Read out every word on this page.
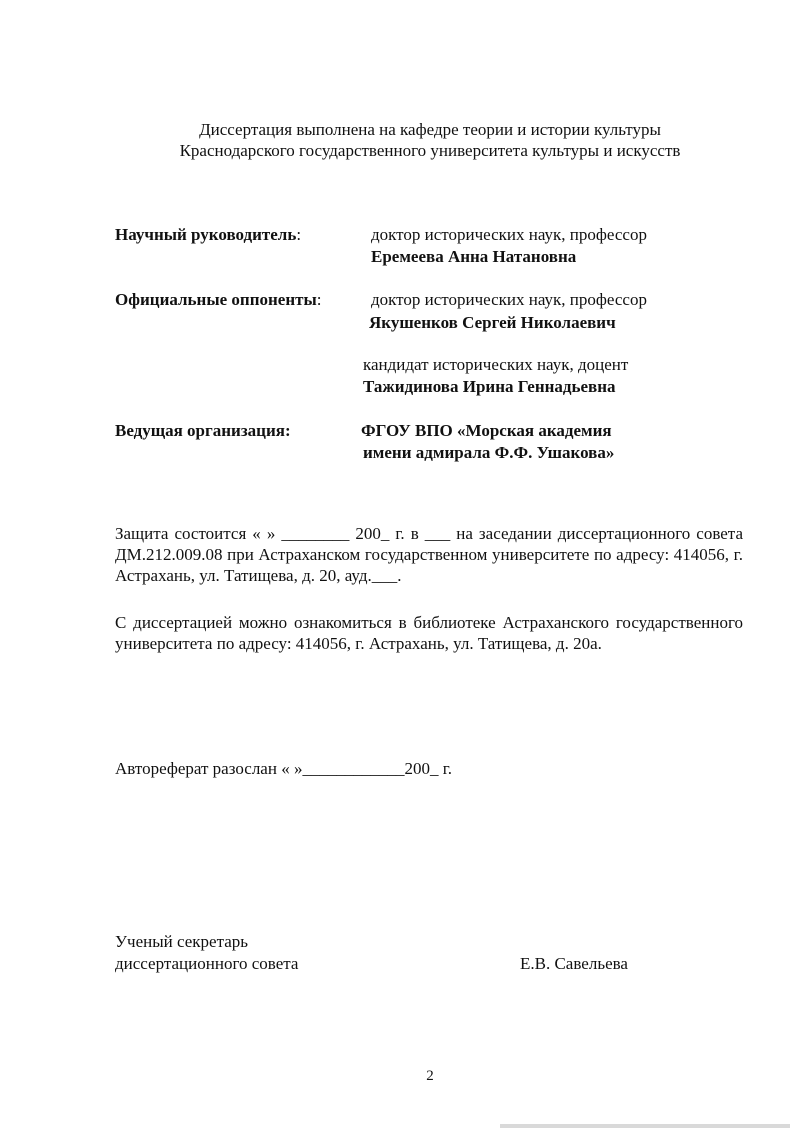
Диссертация выполнена на кафедре теории и истории культуры
Краснодарского государственного университета культуры и искусств
Научный руководитель:	доктор исторических наук, профессор
Еремеева Анна Натановна
Официальные оппоненты:	доктор исторических наук, профессор
Якушенков Сергей Николаевич
кандидат исторических наук, доцент
Тажидинова Ирина Геннадьевна
Ведущая организация:	ФГОУ ВПО «Морская академия
имени адмирала Ф.Ф. Ушакова»
Защита состоится « » ________ 200_ г. в ___ на заседании диссертационного совета ДМ.212.009.08 при Астраханском государственном университете по адресу: 414056, г. Астрахань, ул. Татищева, д. 20, ауд.___.
С диссертацией можно ознакомиться в библиотеке Астраханского государственного университета по адресу: 414056, г. Астрахань, ул. Татищева, д. 20а.
Автореферат разослан « »____________200_ г.
Ученый секретарь
диссертационного совета	Е.В. Савельева
2
